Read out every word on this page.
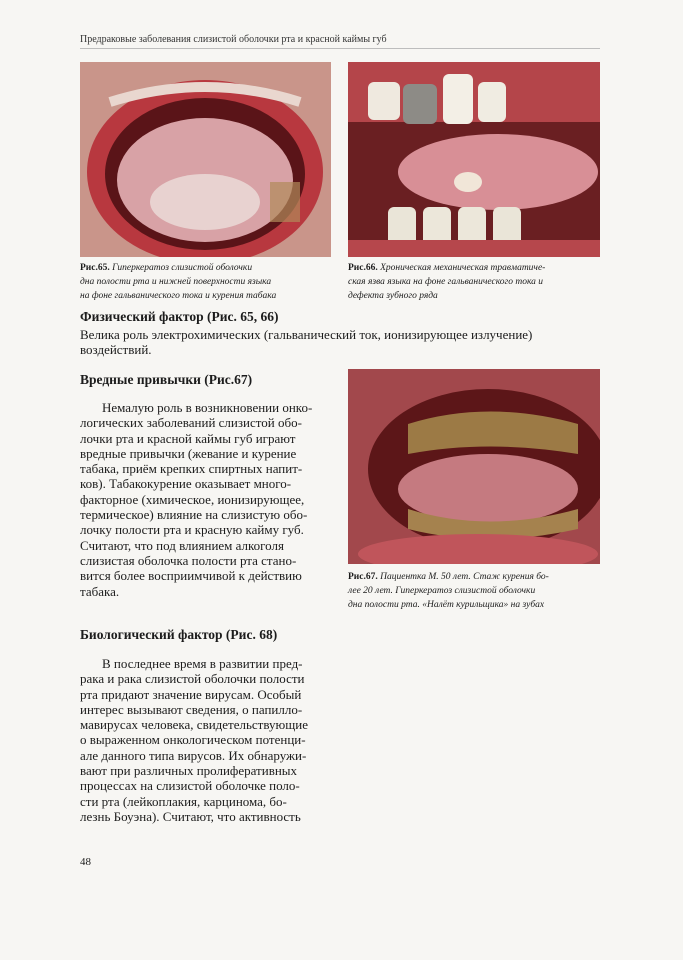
Предраковые заболевания слизистой оболочки рта и красной каймы губ
Рис.65. Гиперкератоз слизистой оболочки
дна полости рта и нижней поверхности языка
на фоне гальванического тока и курения табака
Рис.66. Хроническая механическая травматиче-
ская язва языка на фоне гальванического тока и
дефекта зубного ряда
Физический фактор (Рис. 65, 66)

Велика роль электрохимических (гальванический ток, ионизирующее излучение)
воздействий.

Вредные привычки (Рис.67)

Немалую роль в возникновении онко-
логических заболеваний слизистой обо-
лочки рта и красной каймы губ играют
вредные привычки (жевание и курение
табака, приём крепких спиртных напит-
ков). Табакокурение оказывает много-
факторное (химическое, ионизирующее,
термическое) влияние на слизистую обо-
лочку полости рта и красную кайму губ.
Считают, что под влиянием алкоголя
слизистая оболочка полости рта стано-
вится более восприимчивой к действию
табака.

Рис.67. Пациентка М. 50 лет. Стаж курения бо-
лее 20 лет. Гиперкератоз слизистой оболочки
дна полости рта. «Налёт курильщика» на зубах
Биологический фактор (Рис. 68)

В последнее время в развитии пред-
рака и рака слизистой оболочки полости
рта придают значение вирусам. Особый
интерес вызывают сведения, о папилло-
мавирусах человека, свидетельствующие
о выраженном онкологическом потенци-
але данного типа вирусов. Их обнаружи-
вают при различных пролиферативных
процессах на слизистой оболочке поло-
сти рта (лейкоплакия, карцинома, бо-
лезнь Боуэна). Считают, что активность

48
